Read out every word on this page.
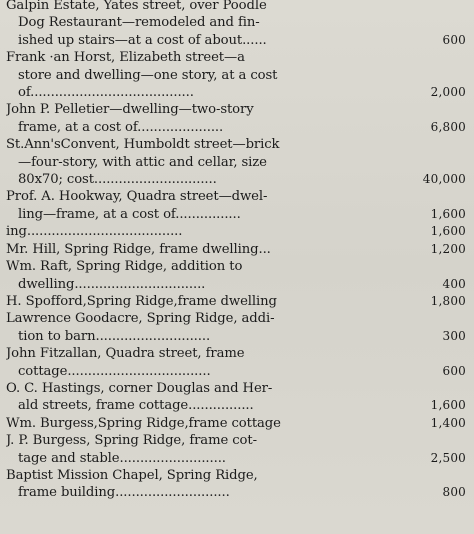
Galpin Estate, Yates street, over Poodle
Dog Restaurant—remodeled and fin-
ished up stairs—at a cost of about......	600
Frank ·an Horst, Elizabeth street—a
store and dwelling—one story, at a cost
of........................................	2,000
John P. Pelletier—dwelling—two-story
frame, at a cost of.....................	6,800
St.Ann'sConvent, Humboldt street—brick
—four-story, with attic and cellar, size
80x70; cost..............................	40,000
Prof. A. Hookway, Quadra street—dwel-
ling—frame, at a cost of................	1,600
ing......................................	1,600
Mr. Hill, Spring Ridge, frame dwelling...	1,200
Wm. Raft, Spring Ridge, addition to
dwelling................................	400
H. Spofford,Spring Ridge,frame dwelling	1,800
Lawrence Goodacre, Spring Ridge, addi-
tion to barn............................	300
John Fitzallan, Quadra street, frame
cottage...................................	600
O. C. Hastings, corner Douglas and Her-
ald streets, frame cottage................	1,600
Wm. Burgess,Spring Ridge,frame cottage	1,400
J. P. Burgess, Spring Ridge, frame cot-
tage and stable..........................	2,500
Baptist Mission Chapel, Spring Ridge,
frame building............................	800
